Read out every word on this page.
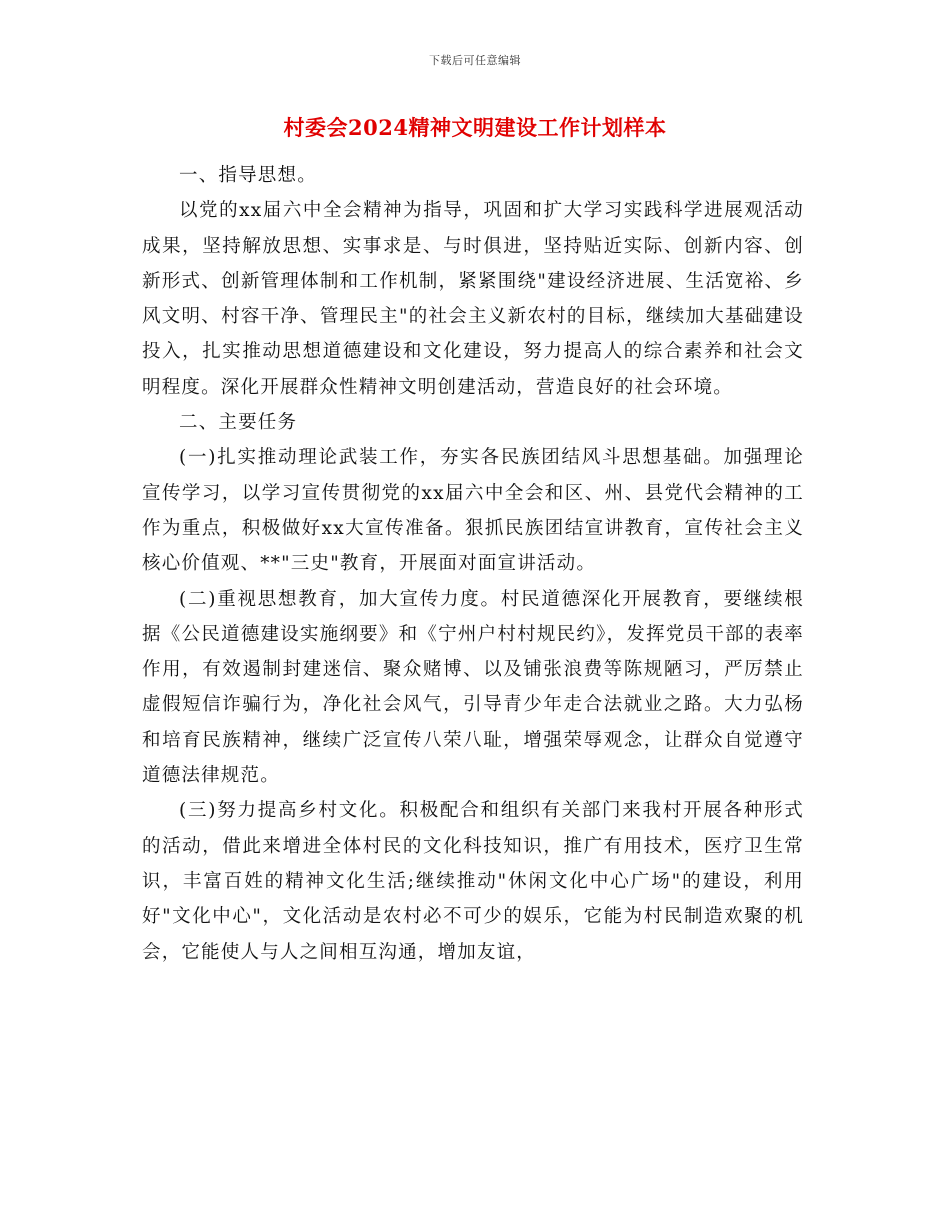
下载后可任意编辑
村委会2024精神文明建设工作计划样本

一、指导思想。

以党的xx届六中全会精神为指导，巩固和扩大学习实践科学进展观活动成果，坚持解放思想、实事求是、与时俱进，坚持贴近实际、创新内容、创新形式、创新管理体制和工作机制，紧紧围绕"建设经济进展、生活宽裕、乡风文明、村容干净、管理民主"的社会主义新农村的目标，继续加大基础建设投入，扎实推动思想道德建设和文化建设，努力提高人的综合素养和社会文明程度。深化开展群众性精神文明创建活动，营造良好的社会环境。

二、主要任务

(一)扎实推动理论武装工作，夯实各民族团结风斗思想基础。加强理论宣传学习，以学习宣传贯彻党的xx届六中全会和区、州、县党代会精神的工作为重点，积极做好xx大宣传准备。狠抓民族团结宣讲教育，宣传社会主义核心价值观、**"三史"教育，开展面对面宣讲活动。

(二)重视思想教育，加大宣传力度。村民道德深化开展教育，要继续根据《公民道德建设实施纲要》和《宁州户村村规民约》，发挥党员干部的表率作用，有效遏制封建迷信、聚众赌博、以及铺张浪费等陈规陋习，严厉禁止虚假短信诈骗行为，净化社会风气，引导青少年走合法就业之路。大力弘杨和培育民族精神，继续广泛宣传八荣八耻，增强荣辱观念，让群众自觉遵守道德法律规范。

(三)努力提高乡村文化。积极配合和组织有关部门来我村开展各种形式的活动，借此来增进全体村民的文化科技知识，推广有用技术，医疗卫生常识，丰富百姓的精神文化生活;继续推动"休闲文化中心广场"的建设，利用好"文化中心"，文化活动是农村必不可少的娱乐，它能为村民制造欢聚的机会，它能使人与人之间相互沟通，增加友谊，
